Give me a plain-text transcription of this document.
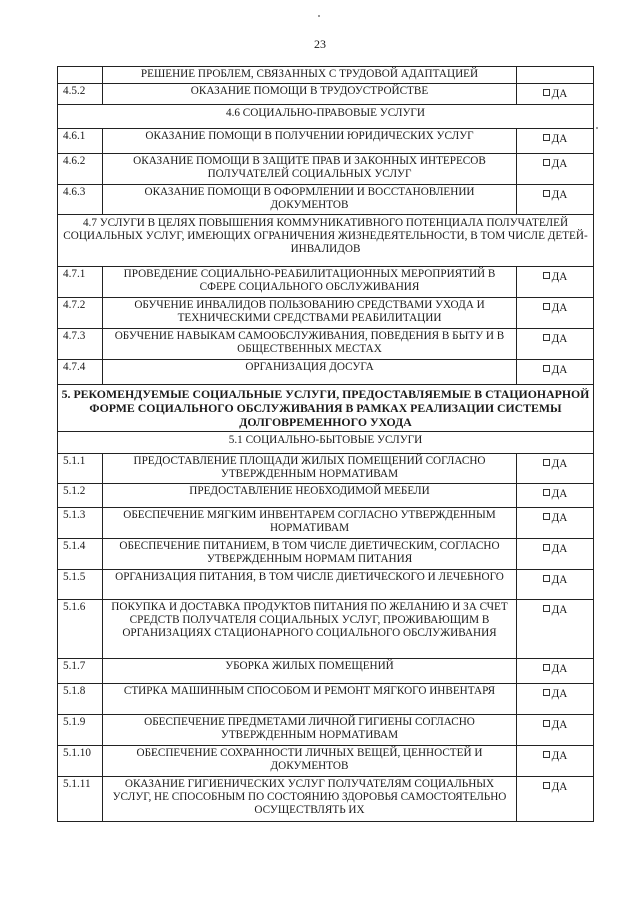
23
	РЕШЕНИЕ ПРОБЛЕМ, СВЯЗАННЫХ С ТРУДОВОЙ АДАПТАЦИЕЙ	
4.5.2	ОКАЗАНИЕ ПОМОЩИ В ТРУДОУСТРОЙСТВЕ	ДА
4.6 СОЦИАЛЬНО-ПРАВОВЫЕ УСЛУГИ		
4.6.1	ОКАЗАНИЕ ПОМОЩИ В ПОЛУЧЕНИИ ЮРИДИЧЕСКИХ УСЛУГ	ДА
4.6.2	ОКАЗАНИЕ ПОМОЩИ В ЗАЩИТЕ ПРАВ И ЗАКОННЫХ ИНТЕРЕСОВ ПОЛУЧАТЕЛЕЙ СОЦИАЛЬНЫХ УСЛУГ	ДА
4.6.3	ОКАЗАНИЕ ПОМОЩИ В ОФОРМЛЕНИИ И ВОССТАНОВЛЕНИИ ДОКУМЕНТОВ	ДА
4.7 УСЛУГИ В ЦЕЛЯХ ПОВЫШЕНИЯ КОММУНИКАТИВНОГО ПОТЕНЦИАЛА ПОЛУЧАТЕЛЕЙ СОЦИАЛЬНЫХ УСЛУГ, ИМЕЮЩИХ ОГРАНИЧЕНИЯ ЖИЗНЕДЕЯТЕЛЬНОСТИ, В ТОМ ЧИСЛЕ ДЕТЕЙ-ИНВАЛИДОВ		
4.7.1	ПРОВЕДЕНИЕ СОЦИАЛЬНО-РЕАБИЛИТАЦИОННЫХ МЕРОПРИЯТИЙ В СФЕРЕ СОЦИАЛЬНОГО ОБСЛУЖИВАНИЯ	ДА
4.7.2	ОБУЧЕНИЕ ИНВАЛИДОВ ПОЛЬЗОВАНИЮ СРЕДСТВАМИ УХОДА И ТЕХНИЧЕСКИМИ СРЕДСТВАМИ РЕАБИЛИТАЦИИ	ДА
4.7.3	ОБУЧЕНИЕ НАВЫКАМ САМООБСЛУЖИВАНИЯ, ПОВЕДЕНИЯ В БЫТУ И В ОБЩЕСТВЕННЫХ МЕСТАХ	ДА
4.7.4	ОРГАНИЗАЦИЯ ДОСУГА	ДА
5. РЕКОМЕНДУЕМЫЕ СОЦИАЛЬНЫЕ УСЛУГИ, ПРЕДОСТАВЛЯЕМЫЕ В СТАЦИОНАРНОЙ ФОРМЕ СОЦИАЛЬНОГО ОБСЛУЖИВАНИЯ В РАМКАХ РЕАЛИЗАЦИИ СИСТЕМЫ ДОЛГОВРЕМЕННОГО УХОДА		
5.1 СОЦИАЛЬНО-БЫТОВЫЕ УСЛУГИ		
5.1.1	ПРЕДОСТАВЛЕНИЕ ПЛОЩАДИ ЖИЛЫХ ПОМЕЩЕНИЙ СОГЛАСНО УТВЕРЖДЕННЫМ НОРМАТИВАМ	ДА
5.1.2	ПРЕДОСТАВЛЕНИЕ НЕОБХОДИМОЙ МЕБЕЛИ	ДА
5.1.3	ОБЕСПЕЧЕНИЕ МЯГКИМ ИНВЕНТАРЕМ СОГЛАСНО УТВЕРЖДЕННЫМ НОРМАТИВАМ	ДА
5.1.4	ОБЕСПЕЧЕНИЕ ПИТАНИЕМ, В ТОМ ЧИСЛЕ ДИЕТИЧЕСКИМ, СОГЛАСНО УТВЕРЖДЕННЫМ НОРМАМ ПИТАНИЯ	ДА
5.1.5	ОРГАНИЗАЦИЯ ПИТАНИЯ, В ТОМ ЧИСЛЕ ДИЕТИЧЕСКОГО И ЛЕЧЕБНОГО	ДА
5.1.6	ПОКУПКА И ДОСТАВКА ПРОДУКТОВ ПИТАНИЯ ПО ЖЕЛАНИЮ И ЗА СЧЕТ СРЕДСТВ ПОЛУЧАТЕЛЯ СОЦИАЛЬНЫХ УСЛУГ, ПРОЖИВАЮЩИМ В ОРГАНИЗАЦИЯХ СТАЦИОНАРНОГО СОЦИАЛЬНОГО ОБСЛУЖИВАНИЯ	ДА
5.1.7	УБОРКА ЖИЛЫХ ПОМЕЩЕНИЙ	ДА
5.1.8	СТИРКА МАШИННЫМ СПОСОБОМ И РЕМОНТ МЯГКОГО ИНВЕНТАРЯ	ДА
5.1.9	ОБЕСПЕЧЕНИЕ ПРЕДМЕТАМИ ЛИЧНОЙ ГИГИЕНЫ СОГЛАСНО УТВЕРЖДЕННЫМ НОРМАТИВАМ	ДА
5.1.10	ОБЕСПЕЧЕНИЕ СОХРАННОСТИ ЛИЧНЫХ ВЕЩЕЙ, ЦЕННОСТЕЙ И ДОКУМЕНТОВ	ДА
5.1.11	ОКАЗАНИЕ ГИГИЕНИЧЕСКИХ УСЛУГ ПОЛУЧАТЕЛЯМ СОЦИАЛЬНЫХ УСЛУГ, НЕ СПОСОБНЫМ ПО СОСТОЯНИЮ ЗДОРОВЬЯ САМОСТОЯТЕЛЬНО ОСУЩЕСТВЛЯТЬ ИХ	ДА
